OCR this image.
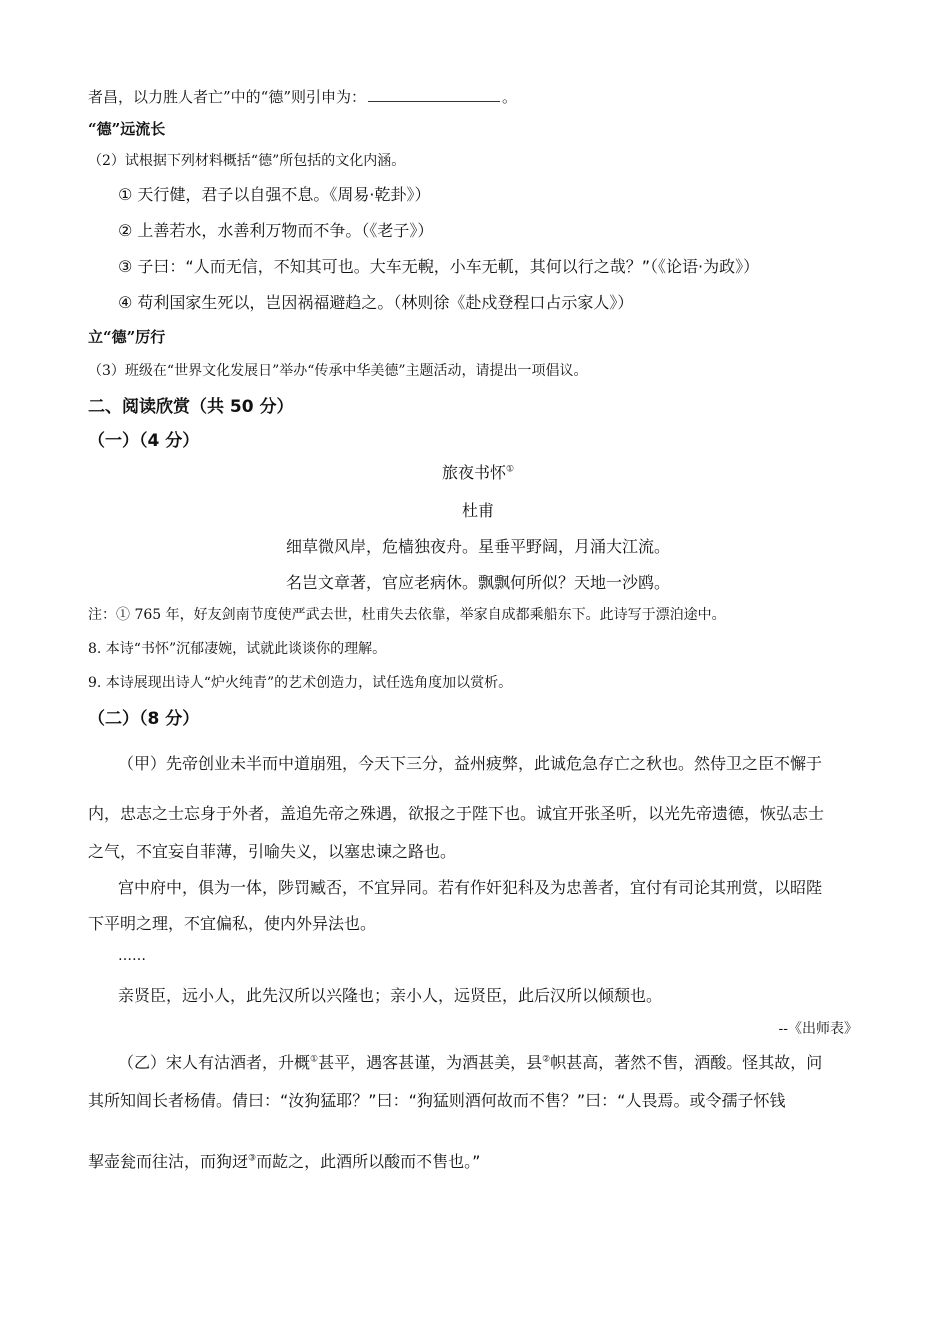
者昌，以力胜人者亡”中的“德”则引申为：	。
“德”远流长
（2）试根据下列材料概括“德”所包括的文化内涵。
① 天行健，君子以自强不息。《周易·乾卦》）
② 上善若水，水善利万物而不争。（《老子》）
③ 子曰：“人而无信，不知其可也。大车无輗，小车无軏，其何以行之哉？”（《论语·为政》）
④ 苟利国家生死以，岂因祸福避趋之。（林则徐《赴戍登程口占示家人》）
立“德”厉行
（3）班级在“世界文化发展日”举办“传承中华美德”主题活动，请提出一项倡议。
二、阅读欣赏（共 50 分）
（一）（4 分）
旅夜书怀①
杜甫
细草微风岸，危樯独夜舟。星垂平野阔，月涌大江流。
名岂文章著，官应老病休。飘飘何所似？天地一沙鸥。
注：① 765 年，好友剑南节度使严武去世，杜甫失去依靠，举家自成都乘船东下。此诗写于漂泊途中。
8. 本诗“书怀”沉郁凄婉，试就此谈谈你的理解。
9. 本诗展现出诗人“炉火纯青”的艺术创造力，试任选角度加以赏析。
（二）（8 分）
（甲）先帝创业未半而中道崩殂，今天下三分，益州疲弊，此诚危急存亡之秋也。然侍卫之臣不懈于
内，忠志之士忘身于外者，盖追先帝之殊遇，欲报之于陛下也。诚宜开张圣听，以光先帝遗德，恢弘志士
之气，不宜妄自菲薄，引喻失义，以塞忠谏之路也。
宫中府中，俱为一体，陟罚臧否，不宜异同。若有作奸犯科及为忠善者，宜付有司论其刑赏，以昭陛
下平明之理，不宜偏私，使内外异法也。
……
亲贤臣，远小人，此先汉所以兴隆也；亲小人，远贤臣，此后汉所以倾颓也。
--《出师表》
（乙）宋人有沽酒者，升概①甚平，遇客甚谨，为酒甚美，县②帜甚高，著然不售，酒酸。怪其故，问
其所知闾长者杨倩。倩曰：“汝狗猛耶？”曰：“狗猛则酒何故而不售？”曰：“人畏焉。或令孺子怀钱
挈壶瓮而往沽，而狗迓③而龁之，此酒所以酸而不售也。”
